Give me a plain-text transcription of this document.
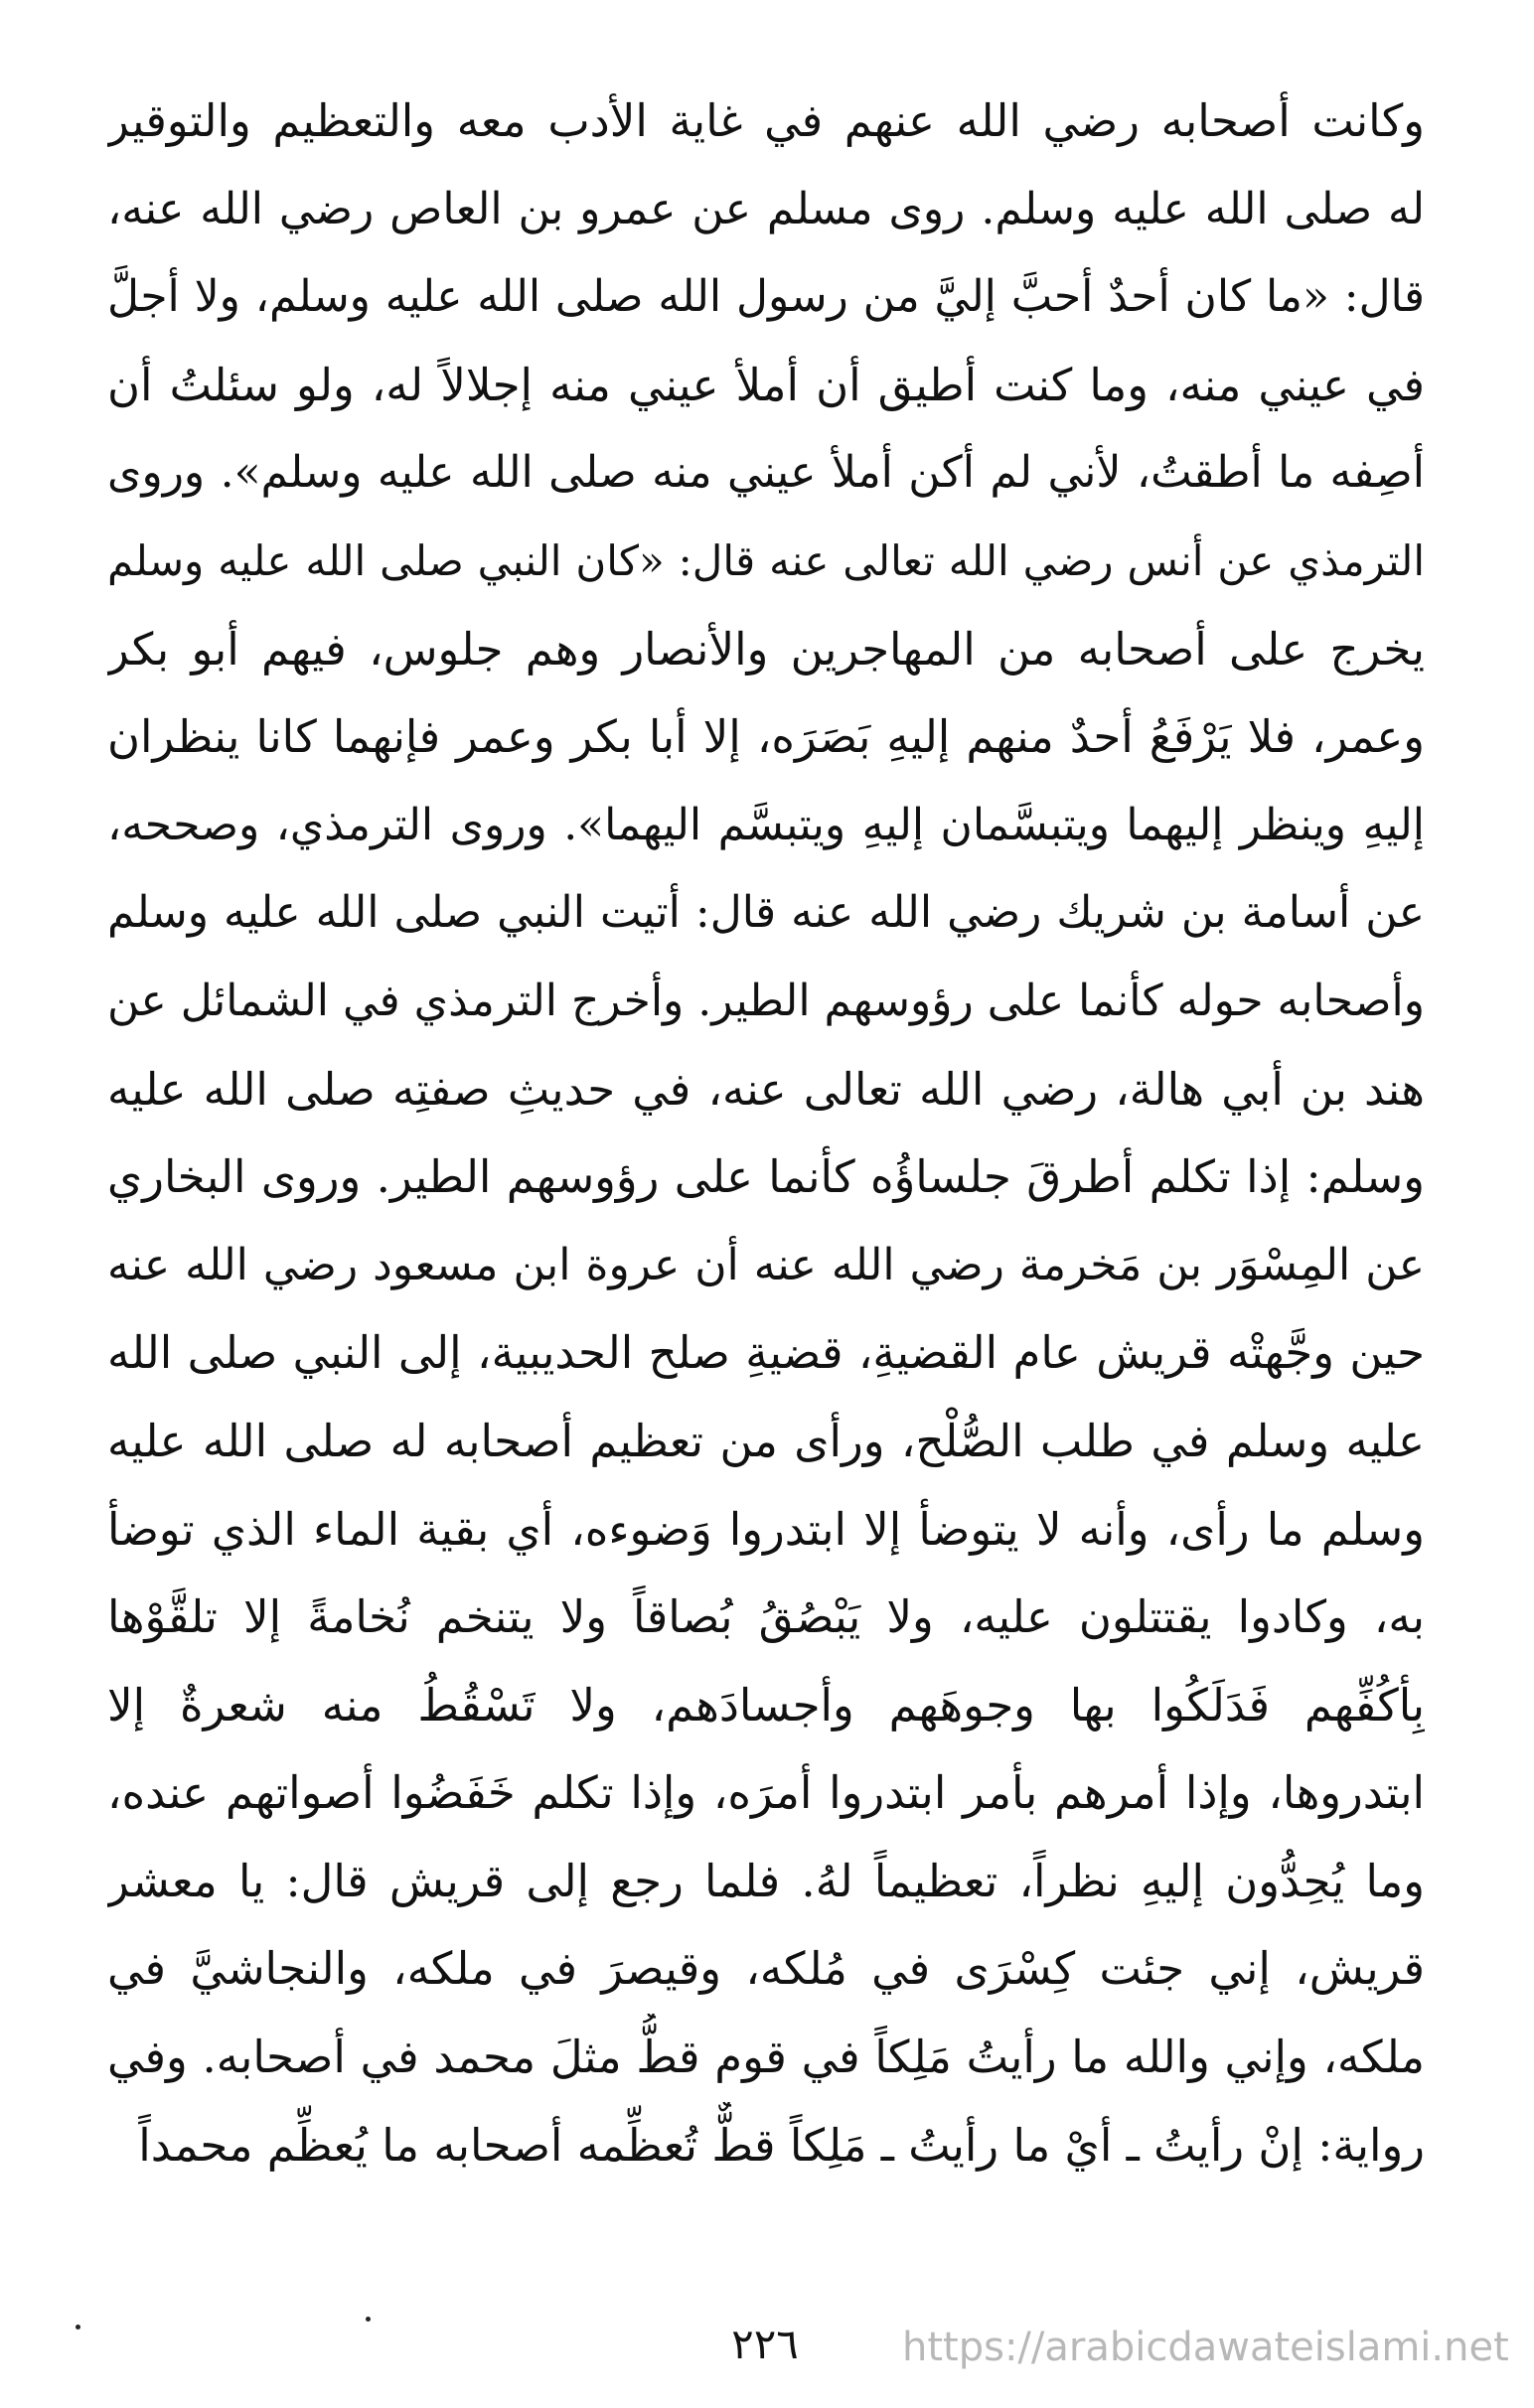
وكانت أصحابه رضي الله عنهم في غاية الأدب معه والتعظيم والتوقير
له صلى الله عليه وسلم. روى مسلم عن عمرو بن العاص رضي الله عنه،
قال: «ما كان أحدٌ أحبَّ إليَّ من رسول الله صلى الله عليه وسلم، ولا أجلَّ
في عيني منه، وما كنت أطيق أن أملأ عيني منه إجلالاً له، ولو سئلتُ أن
أصِفه ما أطقتُ، لأني لم أكن أملأ عيني منه صلى الله عليه وسلم». وروى
الترمذي عن أنس رضي الله تعالى عنه قال: «كان النبي صلى الله عليه وسلم
يخرج على أصحابه من المهاجرين والأنصار وهم جلوس، فيهم أبو بكر
وعمر، فلا يَرْفَعُ أحدٌ منهم إليهِ بَصَرَه، إلا أبا بكر وعمر فإنهما كانا ينظران
إليهِ وينظر إليهما ويتبسَّمان إليهِ ويتبسَّم اليهما». وروى الترمذي، وصححه،
عن أسامة بن شريك رضي الله عنه قال: أتيت النبي صلى الله عليه وسلم
وأصحابه حوله كأنما على رؤوسهم الطير. وأخرج الترمذي في الشمائل عن
هند بن أبي هالة، رضي الله تعالى عنه، في حديثِ صفتِه صلى الله عليه
وسلم: إذا تكلم أطرقَ جلساؤُه كأنما على رؤوسهم الطير. وروى البخاري
عن المِسْوَر بن مَخرمة رضي الله عنه أن عروة ابن مسعود رضي الله عنه
حين وجَّهتْه قريش عام القضيةِ، قضيةِ صلح الحديبية، إلى النبي صلى الله
عليه وسلم في طلب الصُّلْح، ورأى من تعظيم أصحابه له صلى الله عليه
وسلم ما رأى، وأنه لا يتوضأ إلا ابتدروا وَضوءه، أي بقية الماء الذي توضأ
به، وكادوا يقتتلون عليه، ولا يَبْصُقُ بُصاقاً ولا يتنخم نُخامةً إلا تلقَّوْها
بِأكُفِّهم فَدَلَكُوا بها وجوهَهم وأجسادَهم، ولا تَسْقُطُ منه شعرةٌ إلا
ابتدروها، وإذا أمرهم بأمر ابتدروا أمرَه، وإذا تكلم خَفَضُوا أصواتهم عنده،
وما يُحِدُّون إليهِ نظراً، تعظيماً لهُ. فلما رجع إلى قريش قال: يا معشر
قريش، إني جئت كِسْرَى في مُلكه، وقيصرَ في ملكه، والنجاشيَّ في
ملكه، وإني والله ما رأيتُ مَلِكاً في قوم قطُّ مثلَ محمد في أصحابه. وفي
رواية: إنْ رأيتُ ـ أيْ ما رأيتُ ـ مَلِكاً قطٌّ تُعظِّمه أصحابه ما يُعظِّم محمداً
٢٢٦	https://arabicdawateislami.net
